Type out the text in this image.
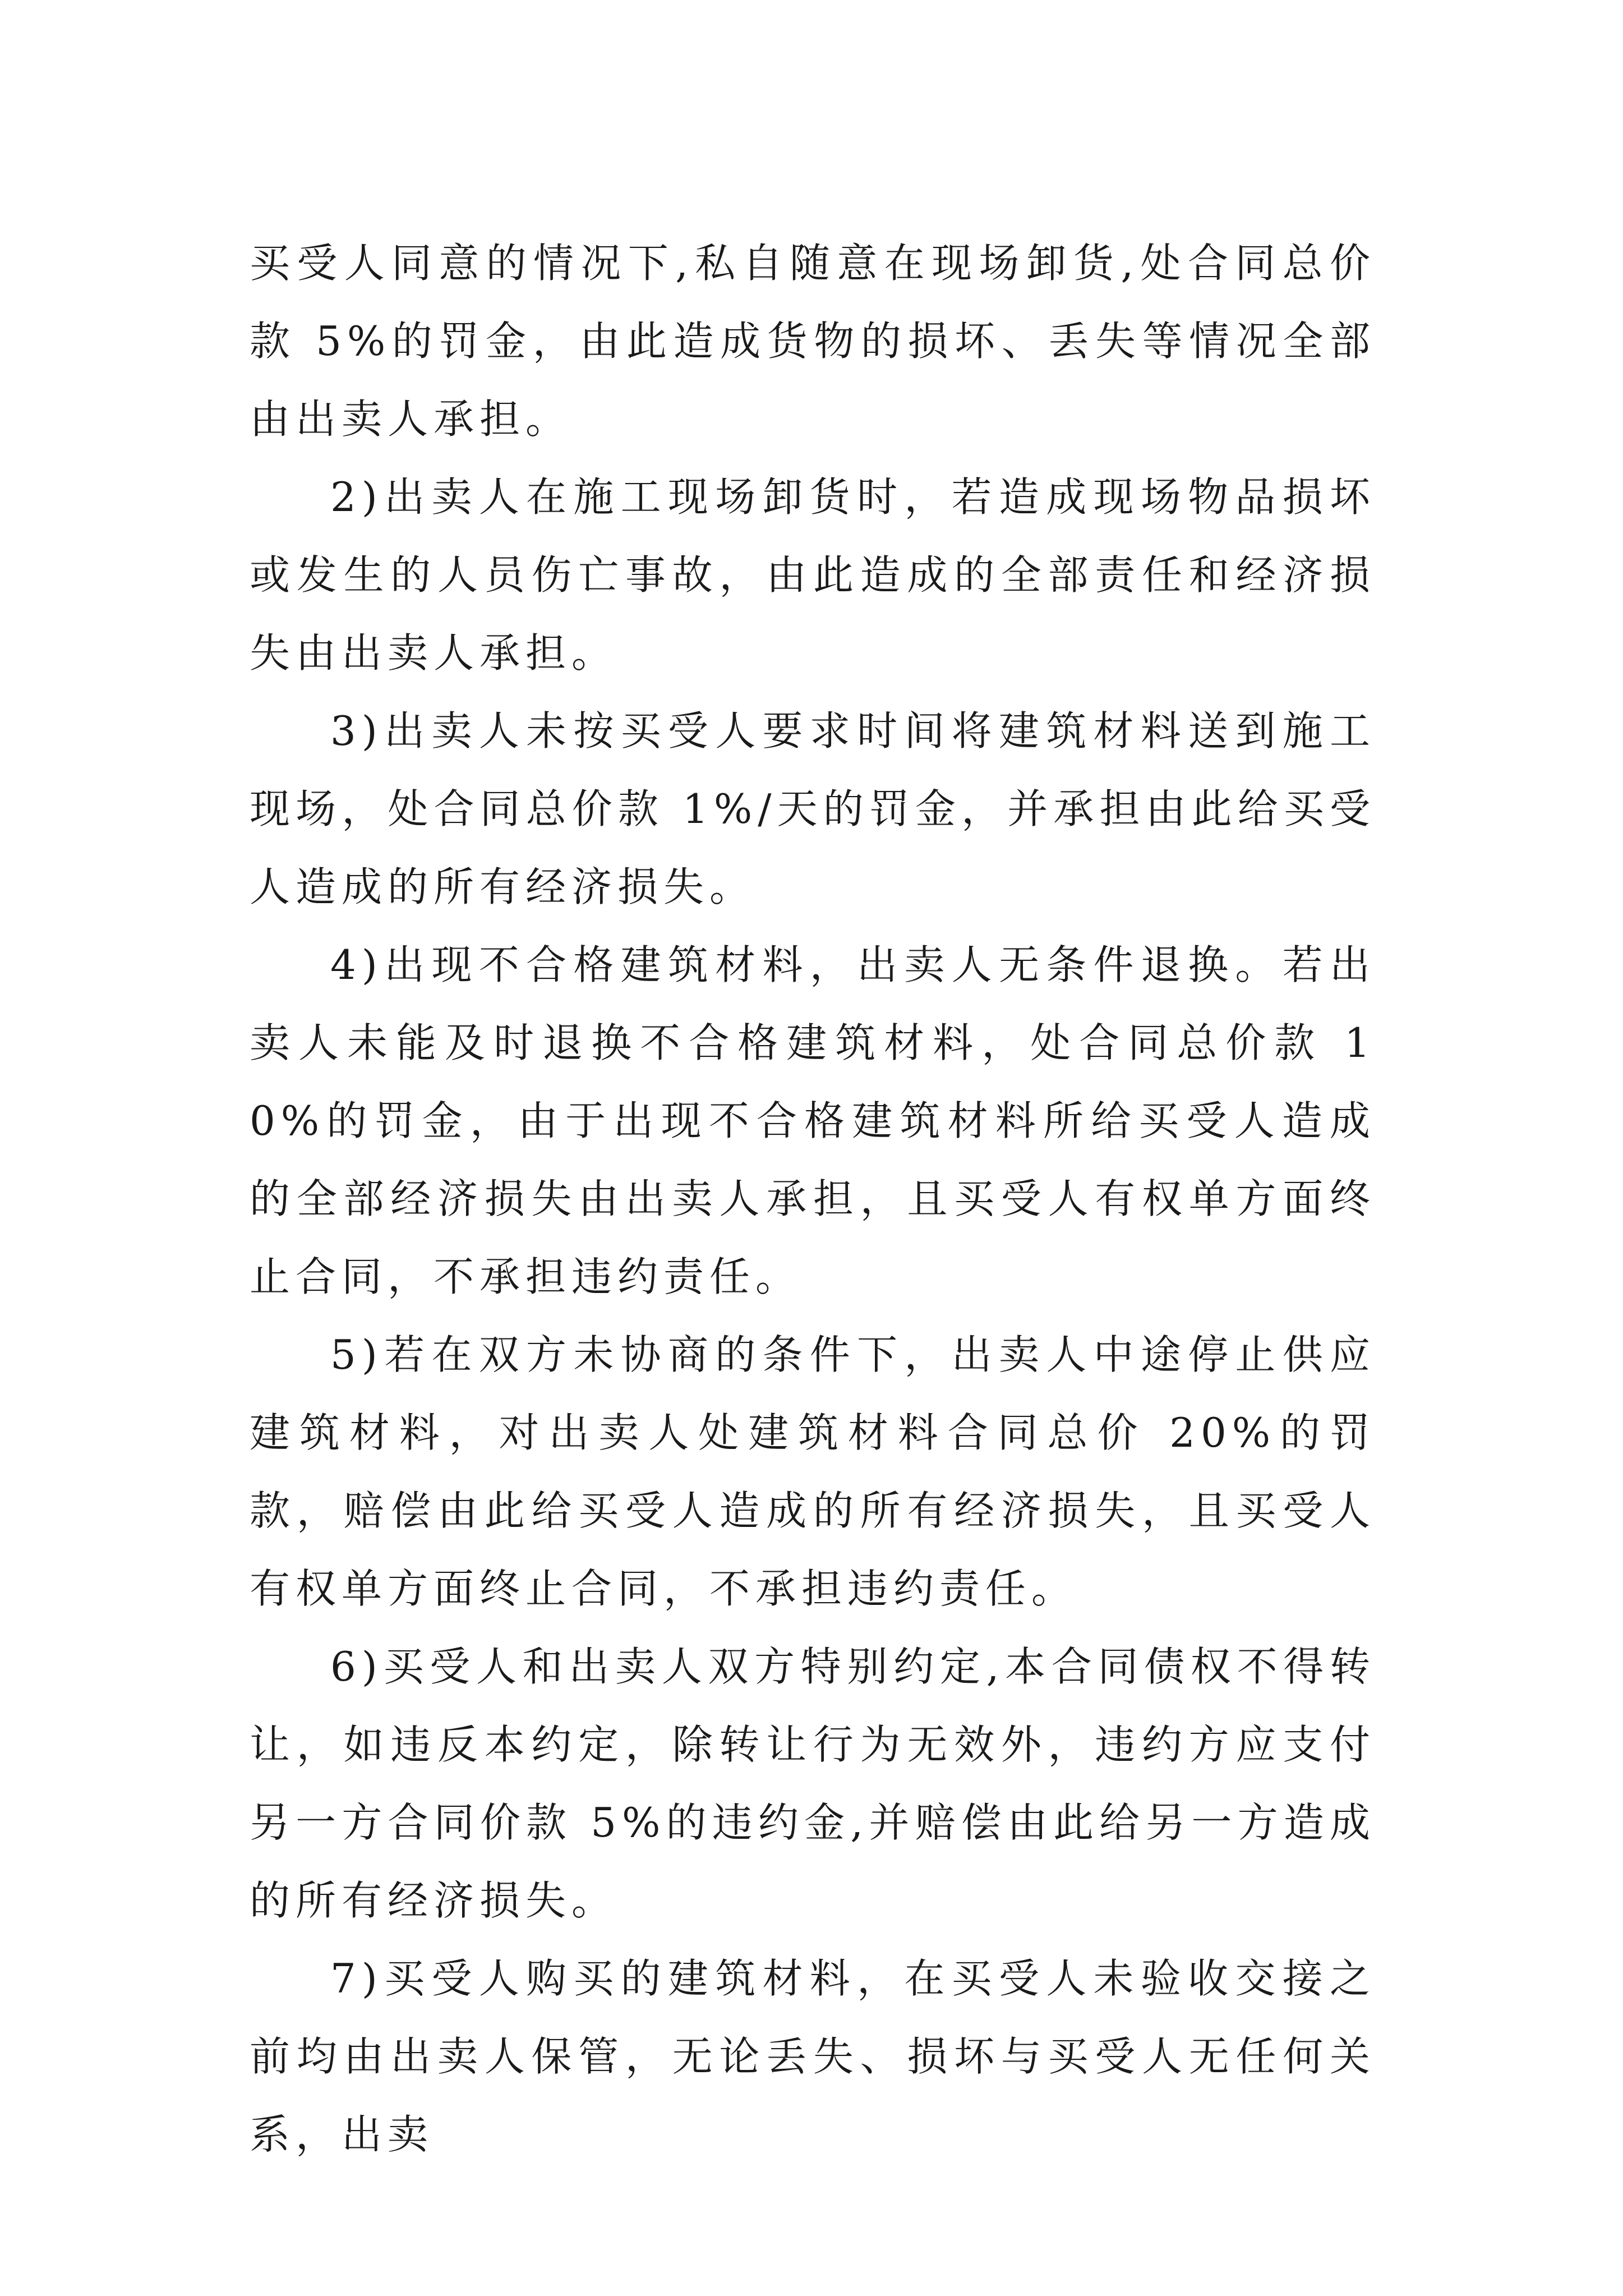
买受人同意的情况下,私自随意在现场卸货,处合同总价款 5%的罚金，由此造成货物的损坏、丢失等情况全部由出卖人承担。

2)出卖人在施工现场卸货时，若造成现场物品损坏或发生的人员伤亡事故，由此造成的全部责任和经济损失由出卖人承担。

3)出卖人未按买受人要求时间将建筑材料送到施工现场，处合同总价款 1%/天的罚金，并承担由此给买受人造成的所有经济损失。

4)出现不合格建筑材料，出卖人无条件退换。若出卖人未能及时退换不合格建筑材料，处合同总价款 10%的罚金，由于出现不合格建筑材料所给买受人造成的全部经济损失由出卖人承担，且买受人有权单方面终止合同，不承担违约责任。

5)若在双方未协商的条件下，出卖人中途停止供应建筑材料，对出卖人处建筑材料合同总价 20%的罚款，赔偿由此给买受人造成的所有经济损失，且买受人有权单方面终止合同，不承担违约责任。

6)买受人和出卖人双方特别约定,本合同债权不得转让，如违反本约定，除转让行为无效外，违约方应支付另一方合同价款 5%的违约金,并赔偿由此给另一方造成的所有经济损失。

7)买受人购买的建筑材料，在买受人未验收交接之前均由出卖人保管，无论丢失、损坏与买受人无任何关系，出卖
